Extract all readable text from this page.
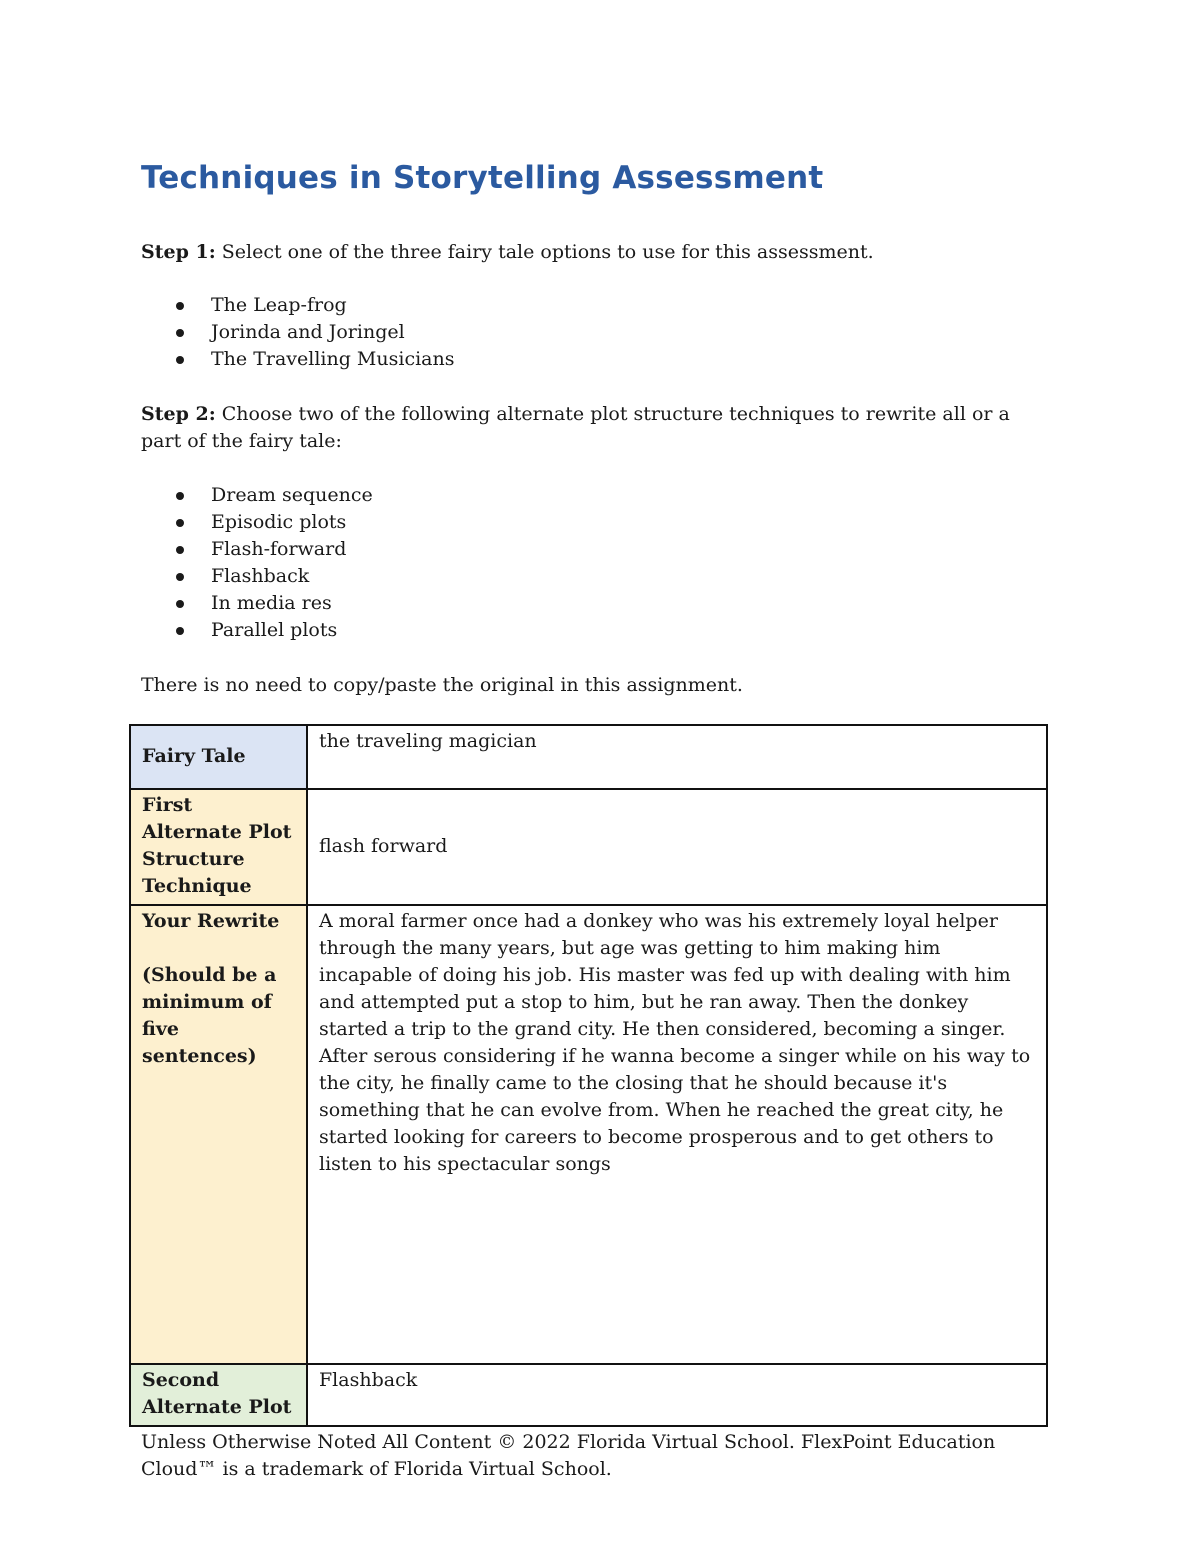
Techniques in Storytelling Assessment

Step 1: Select one of the three fairy tale options to use for this assessment.

The Leap-frog
Jorinda and Joringel
The Travelling Musicians

Step 2: Choose two of the following alternate plot structure techniques to rewrite all or a part of the fairy tale:

Dream sequence
Episodic plots
Flash-forward
Flashback
In media res
Parallel plots

There is no need to copy/paste the original in this assignment.

Fairy Tale	the traveling magician
First Alternate Plot Structure Technique	flash forward

Your Rewrite
(Should be a minimum of five sentences)	A moral farmer once had a donkey who was his extremely loyal helper through the many years, but age was getting to him making him incapable of doing his job. His master was fed up with dealing with him and attempted put a stop to him, but he ran away. Then the donkey started a trip to the grand city. He then considered, becoming a singer. After serous considering if he wanna become a singer while on his way to the city, he finally came to the closing that he should because it's something that he can evolve from. When he reached the great city, he started looking for careers to become prosperous and to get others to listen to his spectacular songs
Second Alternate Plot	Flashback

Unless Otherwise Noted All Content © 2022 Florida Virtual School. FlexPoint Education Cloud™ is a trademark of Florida Virtual School.
